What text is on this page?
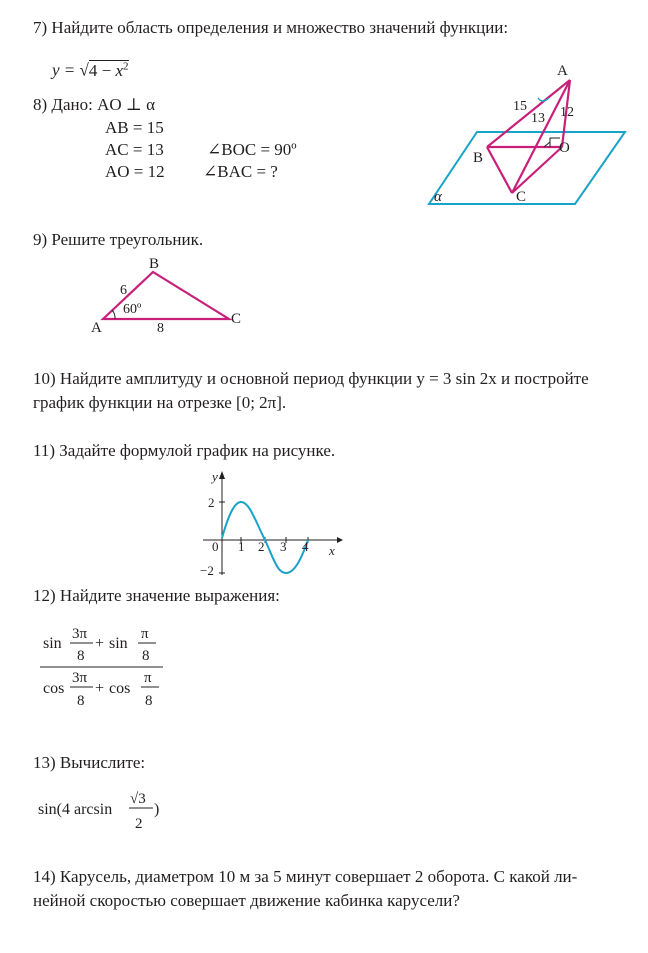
7) Найдите область определения и множество значений функции:
$y = √4 - x^2$
8) Дано: AO ⊥ α
AB = 15
AC = 13
AO = 12
∠BOC = 90º
∠BAC = ?
A
B
C
O
α
15
13 12
9) Решите треугольник.
A
B
C
6
8
60º
10) Найдите амплитуду и основной период функции y = 3 sin 2x и постройте
график функции на отрезке [0; 2π].
11) Задайте формулой график на рисунке.
y
x
2
−2
0 1 2 3 4
12) Найдите значение выражения:
sin
3π
8
+ sin
π
8
cos
3π
8
+ cos
π
8
13) Вычислите:
sin(4 arcsin
√3
2
)
14) Карусель, диаметром 10 м за 5 минут совершает 2 оборота. С какой ли-
нейной скоростью совершает движение кабинка карусели?
